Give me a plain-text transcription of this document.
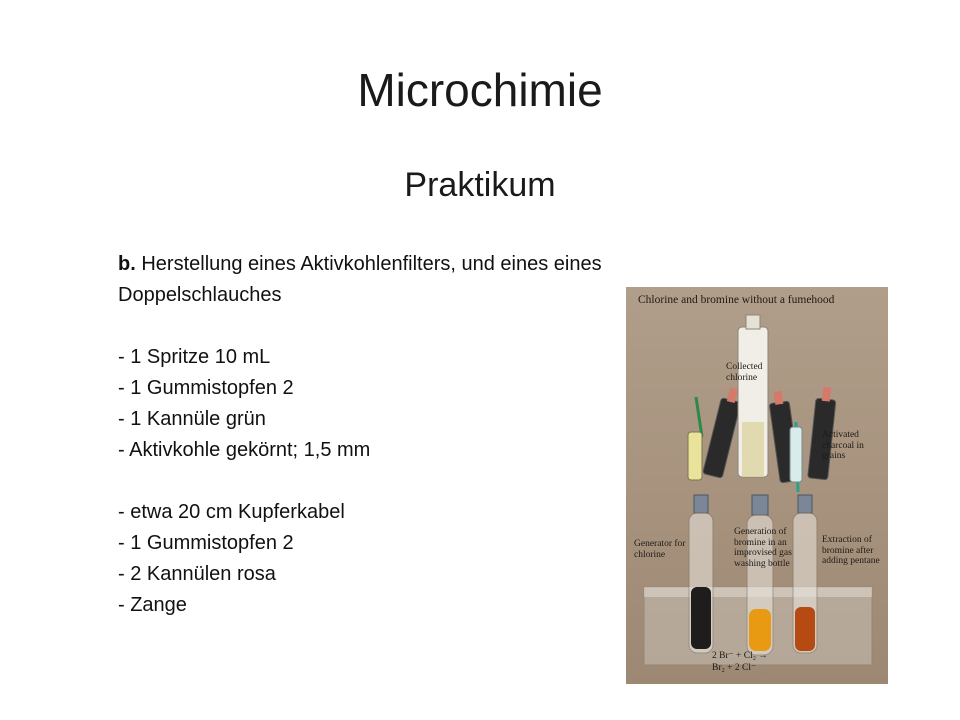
Microchimie
Praktikum
b. Herstellung eines Aktivkohlenfilters, und eines eines
Doppelschlauches
- 1 Spritze 10 mL
- 1 Gummistopfen 2
- 1 Kannüle grün
- Aktivkohle gekörnt; 1,5 mm
- etwa 20 cm Kupferkabel
- 1 Gummistopfen 2
- 2 Kannülen rosa
- Zange
Chlorine and bromine without a fumehood
Collected chlorine
Activated charcoal in grains
Generator for chlorine
Generation of bromine in an improvised gas washing bottle
Extraction of bromine after adding pentane
2 Br⁻ + Cl₂ →
Br₂ + 2 Cl⁻
